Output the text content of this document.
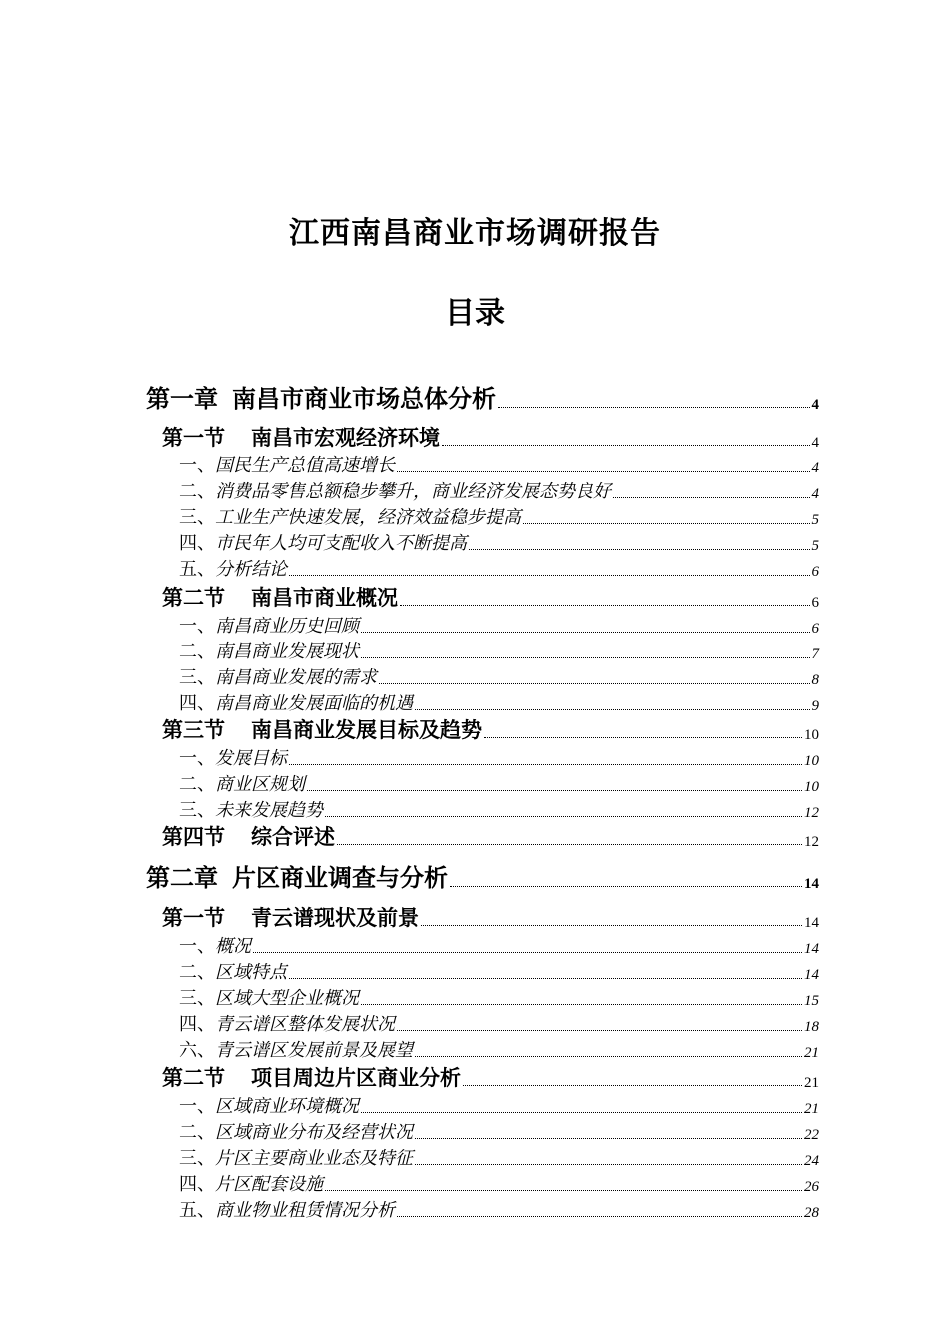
江西南昌商业市场调研报告
目录
第一章 南昌市商业市场总体分析	4
第一节 南昌市宏观经济环境	4
一、 国民生产总值高速增长	4
二、 消费品零售总额稳步攀升，商业经济发展态势良好	4
三、 工业生产快速发展，经济效益稳步提高	5
四、 市民年人均可支配收入不断提高	5
五、 分析结论	6
第二节 南昌市商业概况	6
一、 南昌商业历史回顾	6
二、 南昌商业发展现状	7
三、 南昌商业发展的需求	8
四、 南昌商业发展面临的机遇	9
第三节 南昌商业发展目标及趋势	10
一、 发展目标	10
二、 商业区规划	10
三、 未来发展趋势	12
第四节 综合评述	12
第二章 片区商业调查与分析	14
第一节 青云谱现状及前景	14
一、 概况	14
二、 区域特点	14
三、 区域大型企业概况	15
四、 青云谱区整体发展状况	18
六、 青云谱区发展前景及展望	21
第二节 项目周边片区商业分析	21
一、 区域商业环境概况	21
二、 区域商业分布及经营状况	22
三、 片区主要商业业态及特征	24
四、 片区配套设施	26
五、 商业物业租赁情况分析	28
